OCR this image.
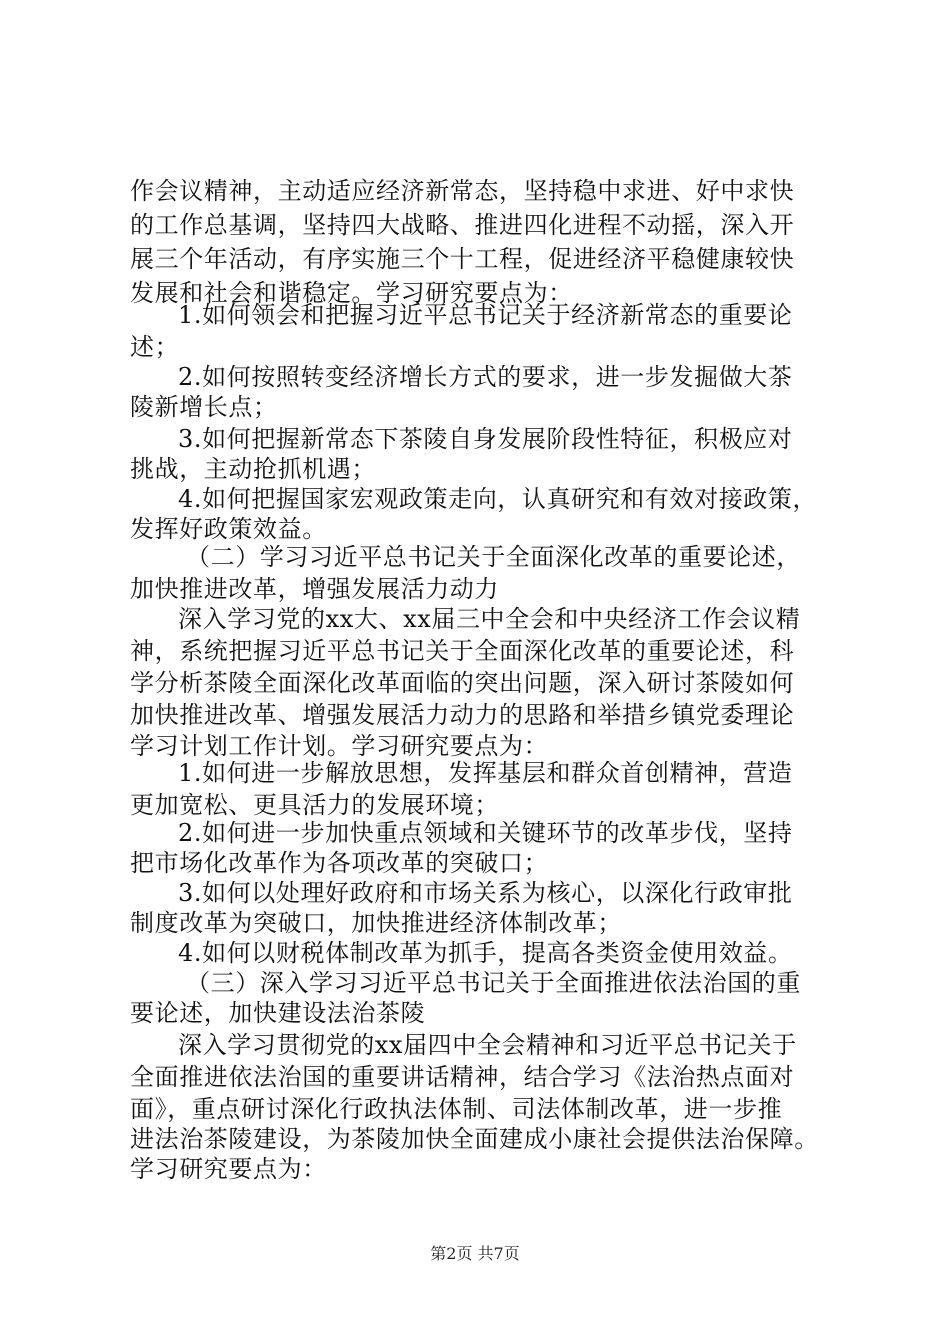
作会议精神，主动适应经济新常态，坚持稳中求进、好中求快
的工作总基调，坚持四大战略、推进四化进程不动摇，深入开
展三个年活动，有序实施三个十工程，促进经济平稳健康较快
发展和社会和谐稳定。学习研究要点为：
1.如何领会和把握习近平总书记关于经济新常态的重要论
述；
2.如何按照转变经济增长方式的要求，进一步发掘做大茶
陵新增长点；
3.如何把握新常态下茶陵自身发展阶段性特征，积极应对
挑战，主动抢抓机遇；
4.如何把握国家宏观政策走向，认真研究和有效对接政策，
发挥好政策效益。
（二）学习习近平总书记关于全面深化改革的重要论述，
加快推进改革，增强发展活力动力
深入学习党的xx大、xx届三中全会和中央经济工作会议精
神，系统把握习近平总书记关于全面深化改革的重要论述，科
学分析茶陵全面深化改革面临的突出问题，深入研讨茶陵如何
加快推进改革、增强发展活力动力的思路和举措乡镇党委理论
学习计划工作计划。学习研究要点为：
1.如何进一步解放思想，发挥基层和群众首创精神，营造
更加宽松、更具活力的发展环境；
2.如何进一步加快重点领域和关键环节的改革步伐，坚持
把市场化改革作为各项改革的突破口；
3.如何以处理好政府和市场关系为核心，以深化行政审批
制度改革为突破口，加快推进经济体制改革；
4.如何以财税体制改革为抓手，提高各类资金使用效益。
（三）深入学习习近平总书记关于全面推进依法治国的重
要论述，加快建设法治茶陵
深入学习贯彻党的xx届四中全会精神和习近平总书记关于
全面推进依法治国的重要讲话精神，结合学习《法治热点面对
面》，重点研讨深化行政执法体制、司法体制改革，进一步推
进法治茶陵建设，为茶陵加快全面建成小康社会提供法治保障。
学习研究要点为：
第2页 共7页
